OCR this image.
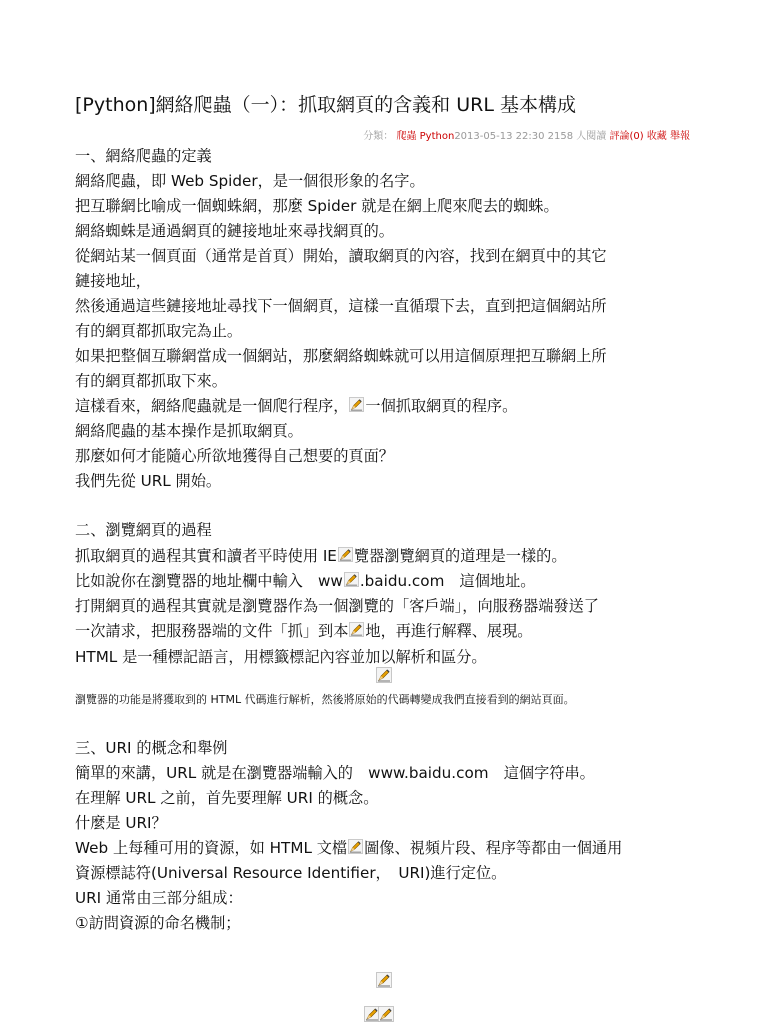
[Python]網絡爬蟲（一）：抓取網頁的含義和 URL 基本構成
分類： 爬蟲 Python2013-05-13 22:30 2158 人閱讀 評論(0) 收藏 舉報
一、網絡爬蟲的定義
網絡爬蟲，即 Web Spider，是一個很形象的名字。
把互聯網比喻成一個蜘蛛網，那麼 Spider 就是在網上爬來爬去的蜘蛛。
網絡蜘蛛是通過網頁的鏈接地址來尋找網頁的。
從網站某一個頁面（通常是首頁）開始，讀取網頁的內容，找到在網頁中的其它
鏈接地址，
然後通過這些鏈接地址尋找下一個網頁，這樣一直循環下去，直到把這個網站所
有的網頁都抓取完為止。
如果把整個互聯網當成一個網站，那麼網絡蜘蛛就可以用這個原理把互聯網上所
有的網頁都抓取下來。
這樣看來，網絡爬蟲就是一個爬行程序， 一個抓取網頁的程序。
網絡爬蟲的基本操作是抓取網頁。
那麼如何才能隨心所欲地獲得自己想要的頁面？
我們先從 URL 開始。
二、瀏覽網頁的過程
抓取網頁的過程其實和讀者平時使用 IE 覽器瀏覽網頁的道理是一樣的。
比如說你在瀏覽器的地址欄中輸入　ww .baidu.com　這個地址。
打開網頁的過程其實就是瀏覽器作為一個瀏覽的「客戶端」，向服務器端發送了
一次請求，把服務器端的文件「抓」到本 地，再進行解釋、展現。
HTML 是一種標記語言，用標籤標記內容並加以解析和區分。
瀏覽器的功能是將獲取到的 HTML 代碼進行解析，然後將原始的代碼轉變成我們直接看到的網站頁面。
三、URI 的概念和舉例
簡單的來講，URL 就是在瀏覽器端輸入的　www.baidu.com　這個字符串。
在理解 URL 之前，首先要理解 URI 的概念。
什麼是 URI？
Web 上每種可用的資源，如 HTML 文檔 圖像、視頻片段、程序等都由一個通用
資源標誌符(Universal Resource Identifier，　URI)進行定位。
URI 通常由三部分組成：
①訪問資源的命名機制；
